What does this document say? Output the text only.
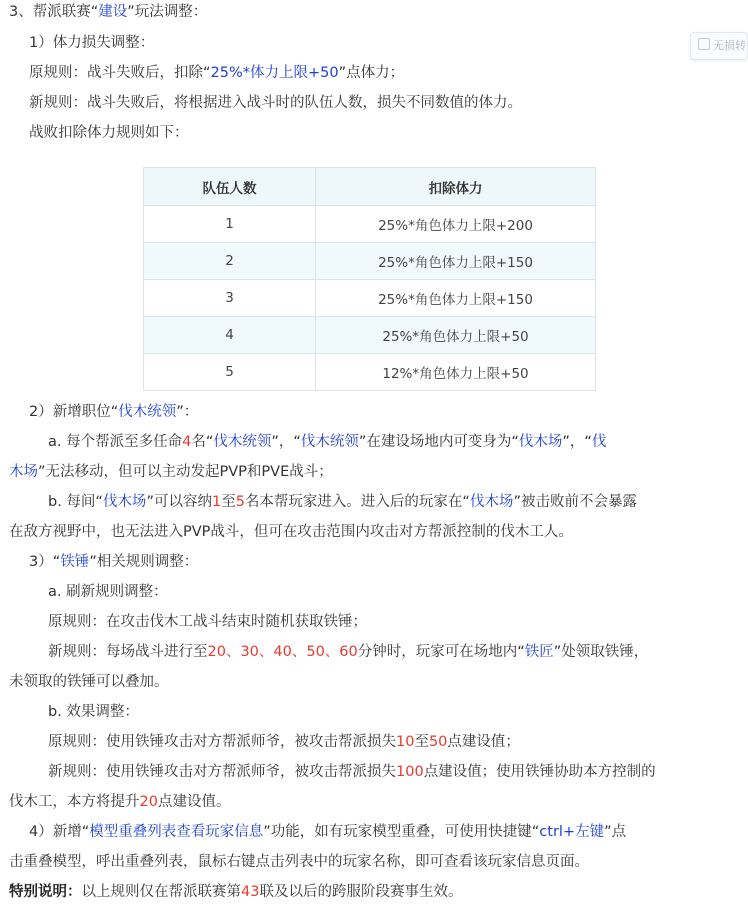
无损转
3、帮派联赛“建设”玩法调整：
1）体力损失调整：
原规则：战斗失败后，扣除“25%*体力上限+50”点体力；
新规则：战斗失败后，将根据进入战斗时的队伍人数，损失不同数值的体力。
战败扣除体力规则如下：
队伍人数	扣除体力
1	25%*角色体力上限+200
2	25%*角色体力上限+150
3	25%*角色体力上限+150
4	25%*角色体力上限+50
5	12%*角色体力上限+50
2）新增职位“伐木统领”：
a. 每个帮派至多任命4名“伐木统领”，“伐木统领”在建设场地内可变身为“伐木场”，“伐
木场”无法移动，但可以主动发起PVP和PVE战斗；
b. 每间“伐木场”可以容纳1至5名本帮玩家进入。进入后的玩家在“伐木场”被击败前不会暴露
在敌方视野中，也无法进入PVP战斗，但可在攻击范围内攻击对方帮派控制的伐木工人。
3）“铁锤”相关规则调整：
a. 刷新规则调整：
原规则：在攻击伐木工战斗结束时随机获取铁锤；
新规则：每场战斗进行至20、30、40、50、60分钟时，玩家可在场地内“铁匠”处领取铁锤，
未领取的铁锤可以叠加。
b. 效果调整：
原规则：使用铁锤攻击对方帮派师爷，被攻击帮派损失10至50点建设值；
新规则：使用铁锤攻击对方帮派师爷，被攻击帮派损失100点建设值；使用铁锤协助本方控制的
伐木工，本方将提升20点建设值。
4）新增“模型重叠列表查看玩家信息”功能，如有玩家模型重叠，可使用快捷键“ctrl+左键”点
击重叠模型，呼出重叠列表，鼠标右键点击列表中的玩家名称，即可查看该玩家信息页面。
特别说明：以上规则仅在帮派联赛第43联及以后的跨服阶段赛事生效。
